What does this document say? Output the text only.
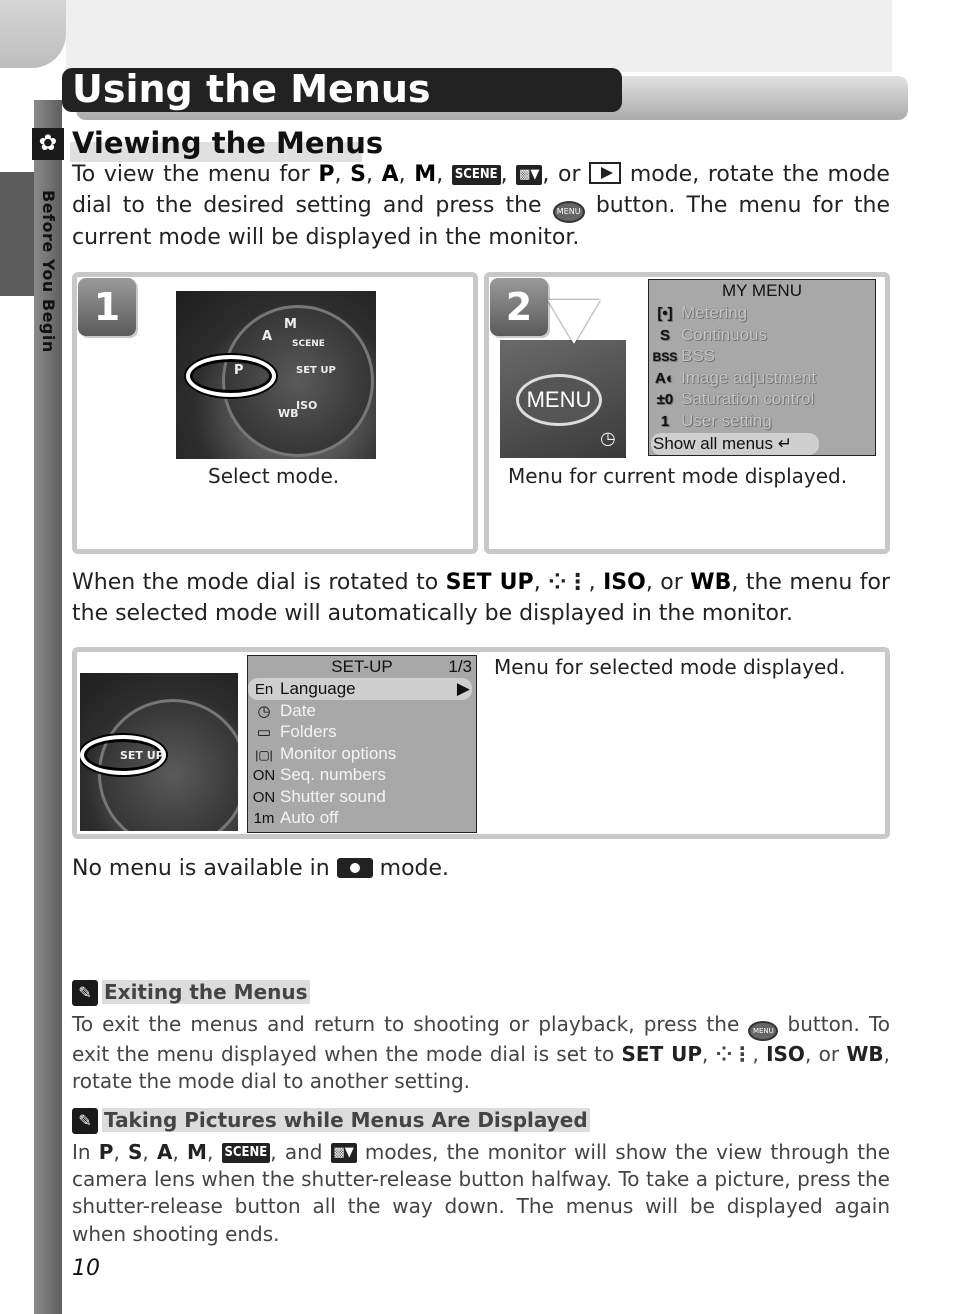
Before You Begin
Using the Menus
✿ Viewing the Menus
To view the menu for P, S, A, M, SCENE , ▩▼ , or  mode, rotate the mode dial to the desired setting and press the MENU button. The menu for the current mode will be displayed in the monitor.
1
P
A
M
SCENE
SET UP
ISO
WB
Select mode.
2
MENU
◷
MY MENU
[•] Metering
S Continuous
BSS BSS
A◐ Image adjustment
±0 Saturation control
1 User setting
Show all menus ↵
Menu for current mode displayed.
When the mode dial is rotated to SET UP, ⁘⋮, ISO, or WB, the menu for the selected mode will automatically be displayed in the monitor.
SET UP
SET-UP	1/3
En Language	▶
◷ Date
▭ Folders
|▢| Monitor options
ON Seq. numbers
ON Shutter sound
1m Auto off
Menu for selected mode displayed.
No menu is available in  mode.
✎ Exiting the Menus
To exit the menus and return to shooting or playback, press the MENU button. To exit the menu displayed when the mode dial is set to SET UP, ⁘⋮, ISO, or WB, rotate the mode dial to another setting.
✎ Taking Pictures while Menus Are Displayed
In P, S, A, M, SCENE , and ▩▼ modes, the monitor will show the view through the camera lens when the shutter-release button halfway. To take a picture, press the shutter-release button all the way down. The menus will be displayed again when shooting ends.
10
